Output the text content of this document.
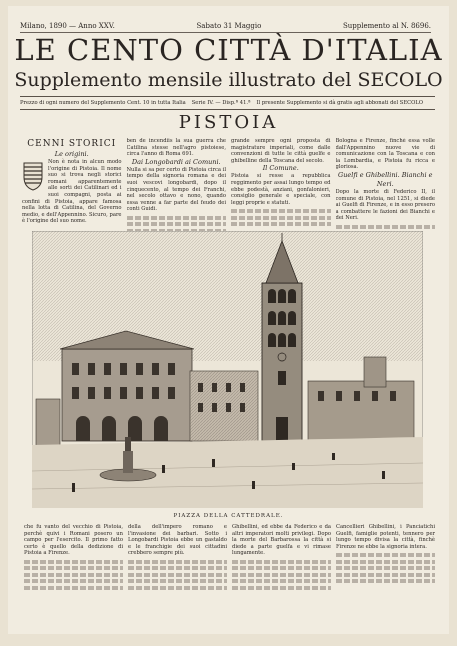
Milano, 1890 — Anno XXV.	Sabato 31 Maggio	Supplemento al N. 8696.
LE CENTO CITTÀ D'ITALIA
Supplemento mensile illustrato del SECOLO
Prezzo di ogni numero del Supplemento Cent. 10 in tutta Italia Serie IV. — Disp.ª 41.ª Il presente Supplemento si dà gratis agli abbonati del SECOLO
PISTOIA
CENNI STORICI
Le origini.
Non è nota in alcun modo l'origine di Pistoia. Il nome suo si trova negli storici romani apparentemente alle sorti dei Catilinari ed i suoi compagni, posta ai confini di Pistoia, appare famosa nella lotta di Catilina, del Governo medio, e dell'Appennino. Sicuro, pare è l'origine del suo nome.
ben de incendiis la sua guerra che Catilina stesse nell'agro pistoiese, circa l'anno di Roma 691.
Dai Longobardi ai Comuni.
Nulla si sa per certo di Pistoia circa il tempo della signoria romana e dei suoi vescovi longobardi, dopo il cinquecento, al tempo dei Franchi, nel secolo ottavo e nono, quando essa venne a far parte del feudo dei conti Guidi.
grande sempre ogni proposta di magistrature imperiali, come dalle convenzioni di tutte le città guelfe e ghibelline della Toscana del secolo.
Il Comune.
Pistoia si resse a repubblica reggimento per assai lungo tempo ed ebbe podestà, anziani, gonfalonieri, consiglio generale e speciale, con leggi proprie e statuti.
Bologna e Firenze, finchè essa volle dall'Appennino nuove vie di comunicazione con la Toscana e con la Lombardia, e Pistoia fu ricca e gloriosa.
Guelfi e Ghibellini. Bianchi e Neri.
Dopo la morte di Federico II, il comune di Pistoia, nel 1251, si diede ai Guelfi di Firenze, e in esso presero a combattere le fazioni dei Bianchi e dei Neri.
PIAZZA DELLA CATTEDRALE.
che fu vanto del vecchio di Pistoia, perchè quivi i Romani posero un campo per l'esercito. Il primo fatto certo è quello della dedizione di Pistoia a Firenze.
della dell'impero romano e l'invasione dei barbari. Sotto i Longobardi Pistoia ebbe un gastaldo e le franchigie dei suoi cittadini crebbero sempre più.
Ghibellini, ed ebbe da Federico e da altri imperatori molti privilegi. Dopo la morte del Barbarossa la città si diede a parte guelfa e vi rimase lungamente.
Cancellieri Ghibellini, i Panciatichi Guelfi, famiglie potenti, tennero per lungo tempo divisa la città, finchè Firenze ne ebbe la signoria intera.
